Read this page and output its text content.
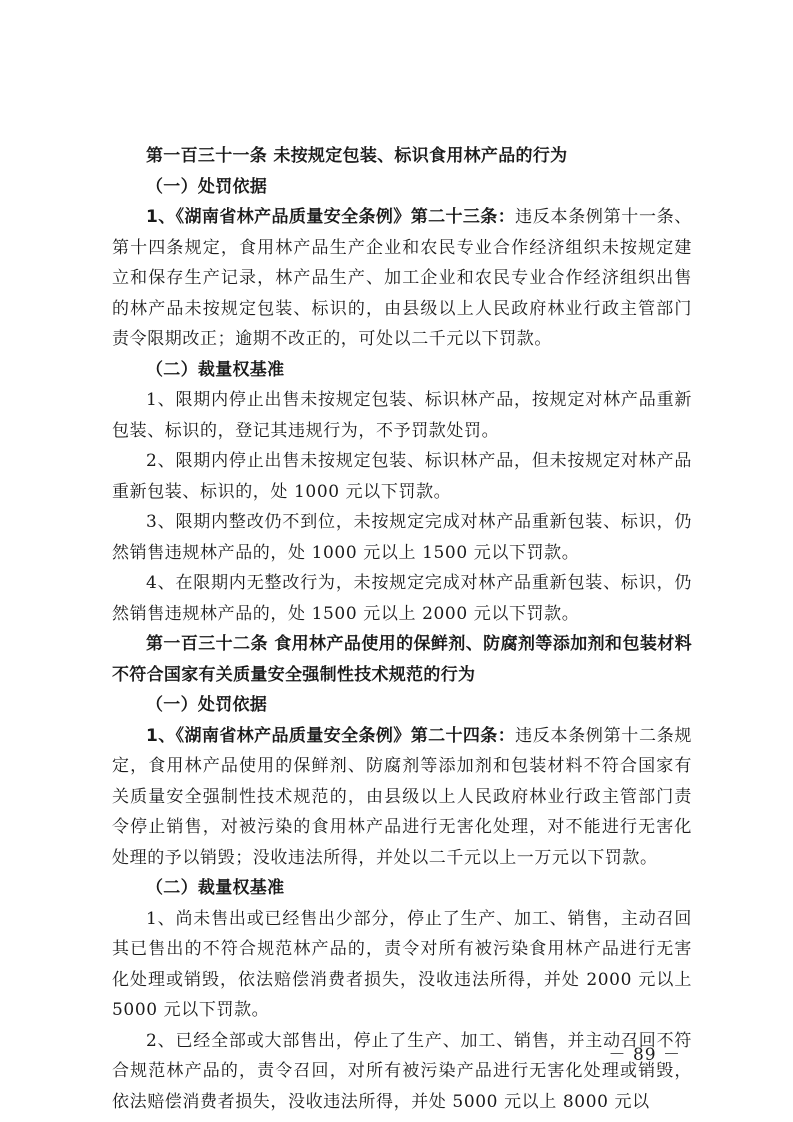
第一百三十一条 未按规定包装、标识食用林产品的行为

（一）处罚依据

1、《湖南省林产品质量安全条例》第二十三条：违反本条例第十一条、第十四条规定，食用林产品生产企业和农民专业合作经济组织未按规定建立和保存生产记录，林产品生产、加工企业和农民专业合作经济组织出售的林产品未按规定包装、标识的，由县级以上人民政府林业行政主管部门责令限期改正；逾期不改正的，可处以二千元以下罚款。

（二）裁量权基准

1、限期内停止出售未按规定包装、标识林产品，按规定对林产品重新包装、标识的，登记其违规行为，不予罚款处罚。

2、限期内停止出售未按规定包装、标识林产品，但未按规定对林产品重新包装、标识的，处 1000 元以下罚款。

3、限期内整改仍不到位，未按规定完成对林产品重新包装、标识，仍然销售违规林产品的，处 1000 元以上 1500 元以下罚款。

4、在限期内无整改行为，未按规定完成对林产品重新包装、标识，仍然销售违规林产品的，处 1500 元以上 2000 元以下罚款。

第一百三十二条 食用林产品使用的保鲜剂、防腐剂等添加剂和包装材料不符合国家有关质量安全强制性技术规范的行为

（一）处罚依据

1、《湖南省林产品质量安全条例》第二十四条：违反本条例第十二条规定，食用林产品使用的保鲜剂、防腐剂等添加剂和包装材料不符合国家有关质量安全强制性技术规范的，由县级以上人民政府林业行政主管部门责令停止销售，对被污染的食用林产品进行无害化处理，对不能进行无害化处理的予以销毁；没收违法所得，并处以二千元以上一万元以下罚款。

（二）裁量权基准

1、尚未售出或已经售出少部分，停止了生产、加工、销售，主动召回其已售出的不符合规范林产品的，责令对所有被污染食用林产品进行无害化处理或销毁，依法赔偿消费者损失，没收违法所得，并处 2000 元以上 5000 元以下罚款。

2、已经全部或大部售出，停止了生产、加工、销售，并主动召回不符合规范林产品的，责令召回，对所有被污染产品进行无害化处理或销毁，依法赔偿消费者损失，没收违法所得，并处 5000 元以上 8000 元以

－ 89 －
